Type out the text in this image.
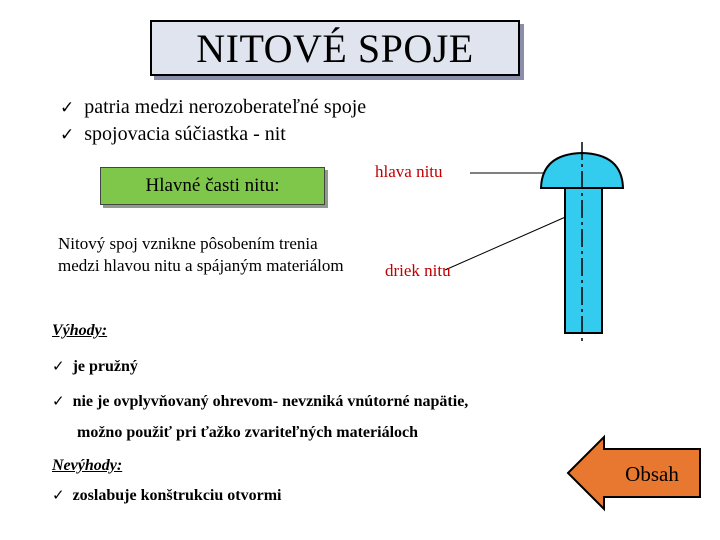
NITOVÉ SPOJE
✓ patria medzi nerozoberateľné spoje
✓ spojovacia súčiastka - nit
Hlavné časti nitu:
Nitový spoj vznikne pôsobením trenia medzi hlavou nitu a spájaným materiálom
hlava nitu
driek nitu
Výhody:
✓ je pružný
✓ nie je ovplyvňovaný ohrevom- nevzniká vnútorné napätie,
možno použiť pri ťažko zvariteľných materiáloch
Nevýhody:
✓ zoslabuje konštrukciu otvormi
Obsah
